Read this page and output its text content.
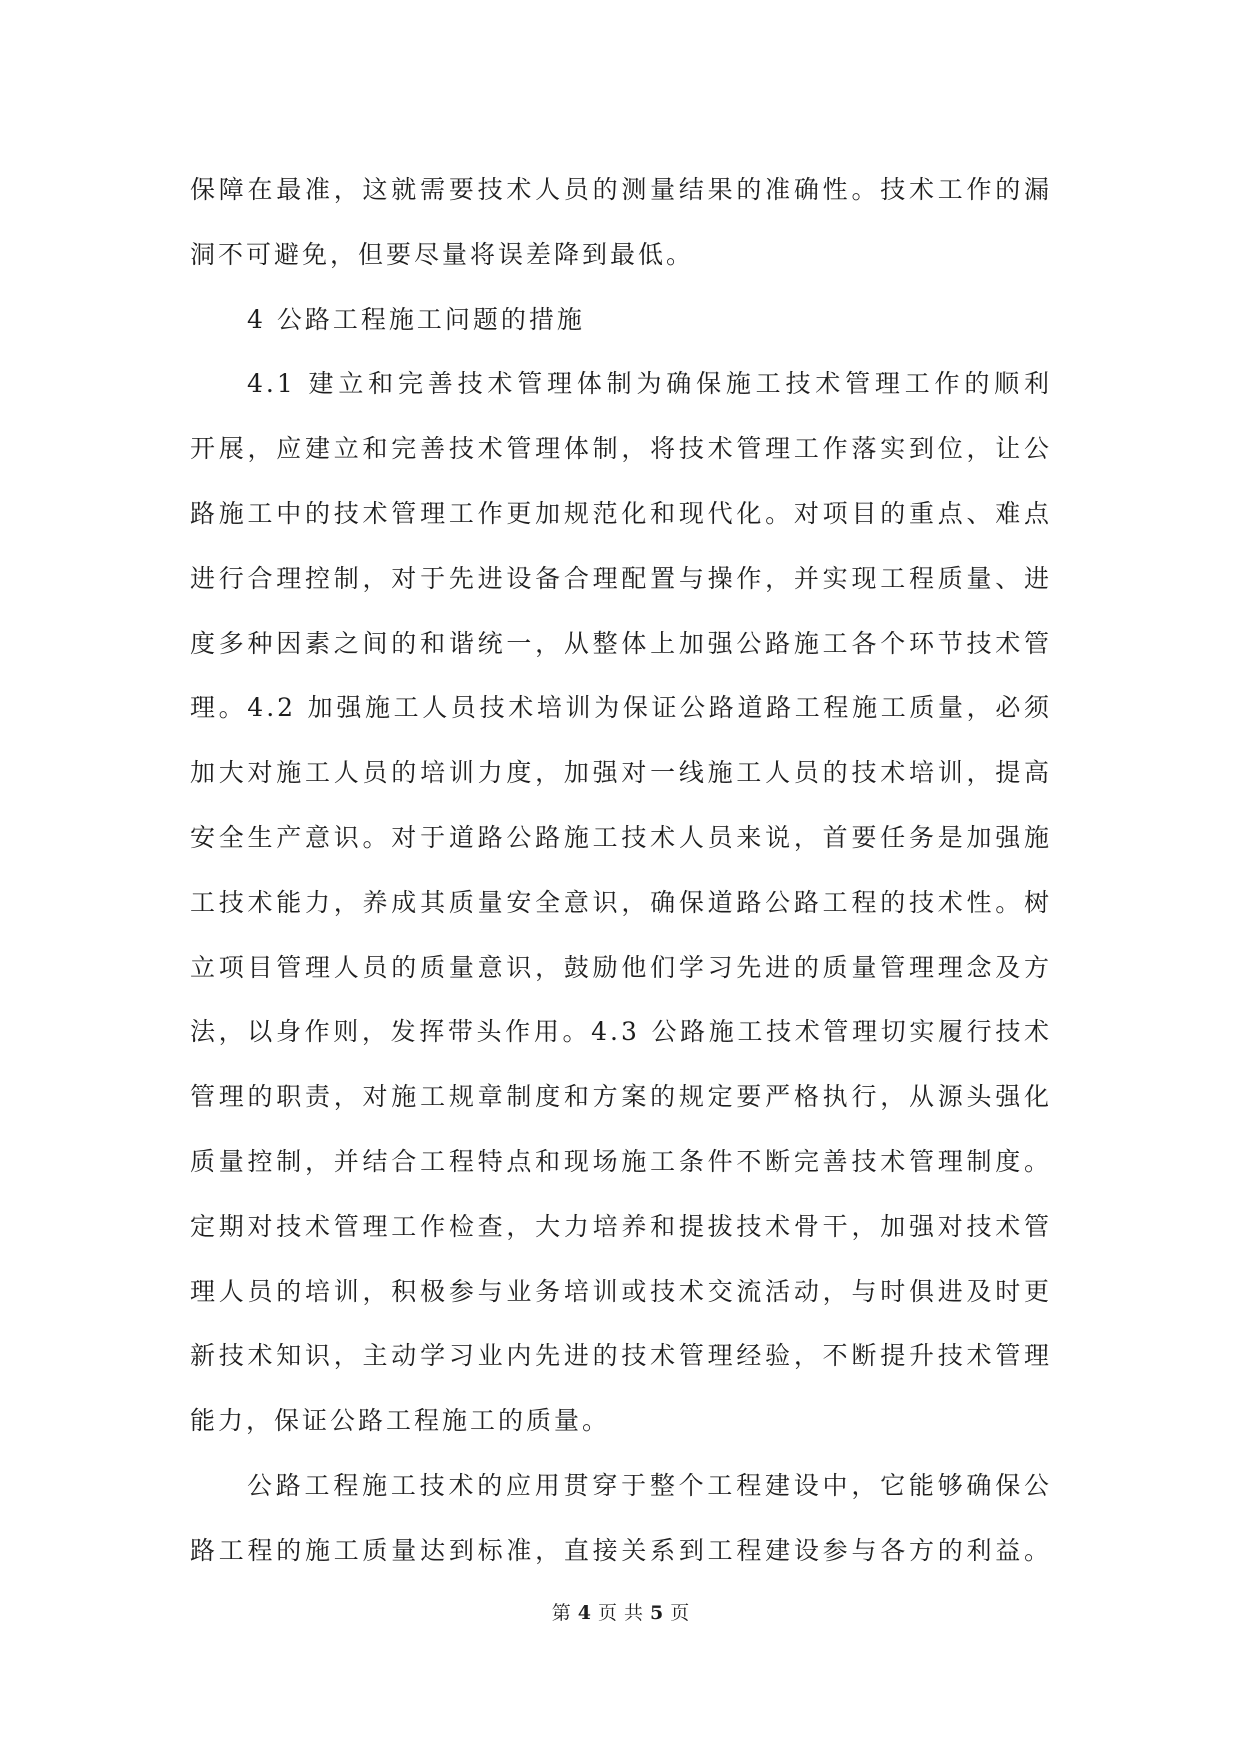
保障在最准，这就需要技术人员的测量结果的准确性。技术工作的漏
洞不可避免，但要尽量将误差降到最低。
4 公路工程施工问题的措施
4.1 建立和完善技术管理体制为确保施工技术管理工作的顺利
开展，应建立和完善技术管理体制，将技术管理工作落实到位，让公
路施工中的技术管理工作更加规范化和现代化。对项目的重点、难点
进行合理控制，对于先进设备合理配置与操作，并实现工程质量、进
度多种因素之间的和谐统一，从整体上加强公路施工各个环节技术管
理。4.2 加强施工人员技术培训为保证公路道路工程施工质量，必须
加大对施工人员的培训力度，加强对一线施工人员的技术培训，提高
安全生产意识。对于道路公路施工技术人员来说，首要任务是加强施
工技术能力，养成其质量安全意识，确保道路公路工程的技术性。树
立项目管理人员的质量意识，鼓励他们学习先进的质量管理理念及方
法，以身作则，发挥带头作用。4.3 公路施工技术管理切实履行技术
管理的职责，对施工规章制度和方案的规定要严格执行，从源头强化
质量控制，并结合工程特点和现场施工条件不断完善技术管理制度。
定期对技术管理工作检查，大力培养和提拔技术骨干，加强对技术管
理人员的培训，积极参与业务培训或技术交流活动，与时俱进及时更
新技术知识，主动学习业内先进的技术管理经验，不断提升技术管理
能力，保证公路工程施工的质量。
公路工程施工技术的应用贯穿于整个工程建设中，它能够确保公
路工程的施工质量达到标准，直接关系到工程建设参与各方的利益。
第 4 页 共 5 页
